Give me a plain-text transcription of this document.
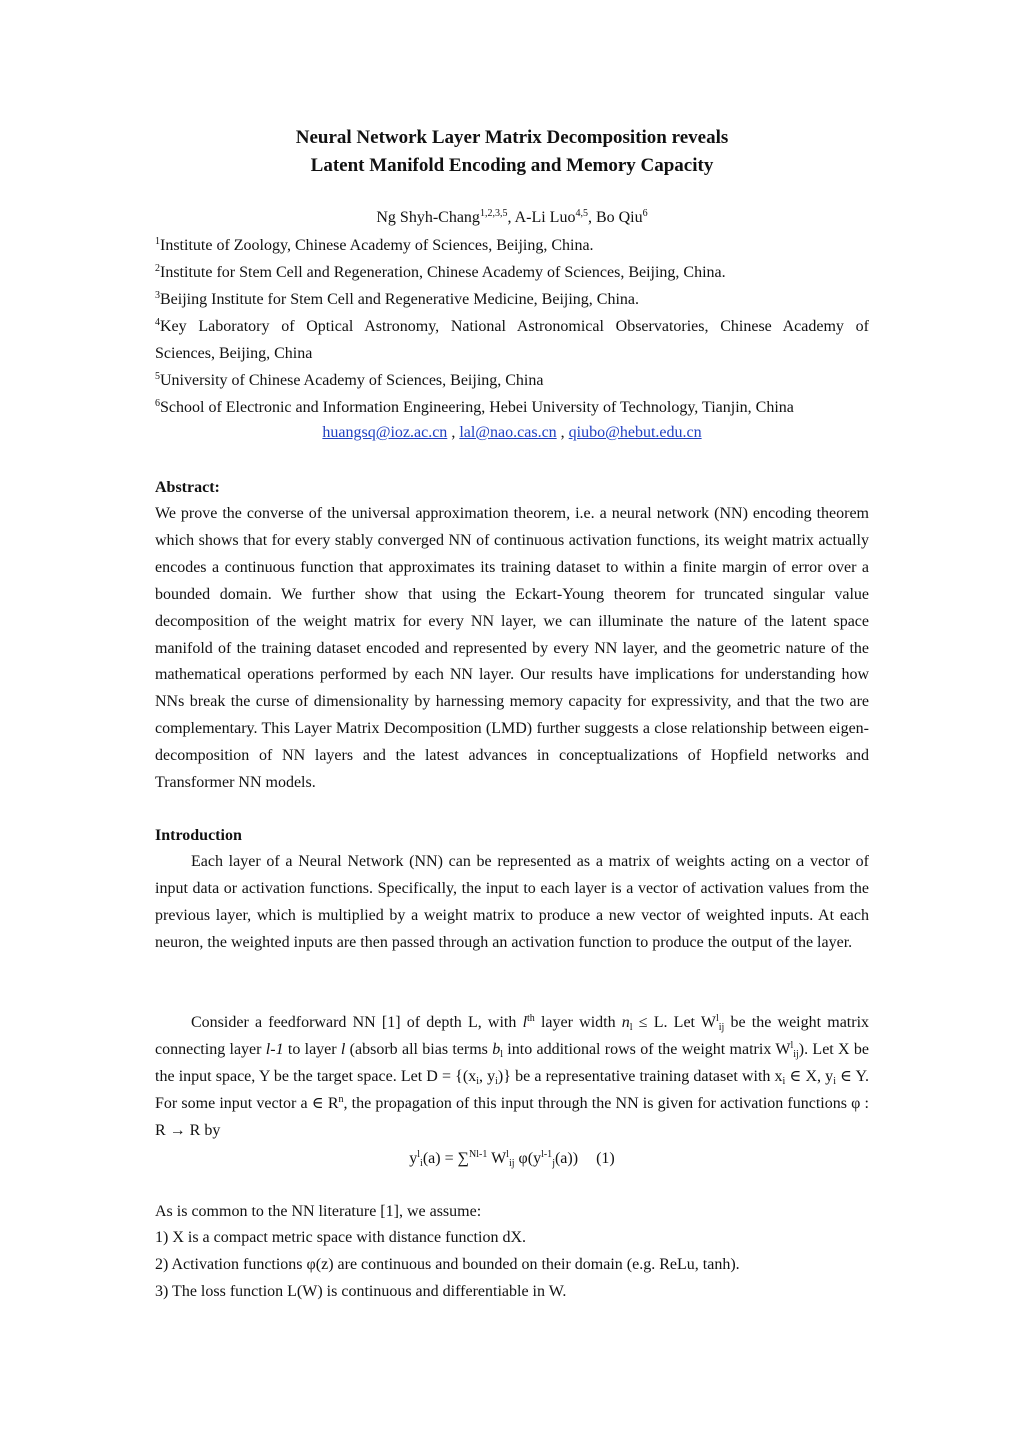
Neural Network Layer Matrix Decomposition reveals
Latent Manifold Encoding and Memory Capacity
Ng Shyh-Chang$^{1,2,3,5}$, A-Li Luo$^{4,5}$, Bo Qiu$^6$
$^1$Institute of Zoology, Chinese Academy of Sciences, Beijing, China.
$^2$Institute for Stem Cell and Regeneration, Chinese Academy of Sciences, Beijing, China.
$^3$Beijing Institute for Stem Cell and Regenerative Medicine, Beijing, China.
$^4$Key Laboratory of Optical Astronomy, National Astronomical Observatories, Chinese Academy of
Sciences, Beijing, China
$^5$University of Chinese Academy of Sciences, Beijing, China
$^6$School of Electronic and Information Engineering, Hebei University of Technology, Tianjin, China
huangsq@ioz.ac.cn , lal@nao.cas.cn , qiubo@hebut.edu.cn
Abstract:
We prove the converse of the universal approximation theorem, i.e. a neural network (NN) encoding theorem which shows that for every stably converged NN of continuous activation functions, its weight matrix actually encodes a continuous function that approximates its training dataset to within a finite margin of error over a bounded domain. We further show that using the Eckart-Young theorem for truncated singular value decomposition of the weight matrix for every NN layer, we can illuminate the nature of the latent space manifold of the training dataset encoded and represented by every NN layer, and the geometric nature of the mathematical operations performed by each NN layer. Our results have implications for understanding how NNs break the curse of dimensionality by harnessing memory capacity for expressivity, and that the two are complementary. This Layer Matrix Decomposition (LMD) further suggests a close relationship between eigen-decomposition of NN layers and the latest advances in conceptualizations of Hopfield networks and Transformer NN models.
Introduction
Each layer of a Neural Network (NN) can be represented as a matrix of weights acting on a vector of input data or activation functions. Specifically, the input to each layer is a vector of activation values from the previous layer, which is multiplied by a weight matrix to produce a new vector of weighted inputs. At each neuron, the weighted inputs are then passed through an activation function to produce the output of the layer.
Consider a feedforward NN [1] of depth L, with $l^{th}$ layer width $n_l \le L$. Let $W^l_{ij}$ be the weight matrix connecting layer l-1 to layer l (absorb all bias terms $b_l$ into additional rows of the weight matrix $W^l_{ij}$). Let X be the input space, Y be the target space. Let $D = \{(x_i$, $y_i$)} be a representative training dataset with $x_i$ ∈ X, $y_i$ ∈ Y. For some input vector a ∈ $R^n$, the propagation of this input through the NN is given for activation functions φ : R → R by
$y^l_i(a) = \sum^{Nl-1}$ $W^l_{ij}$ $\varphi(y^{l-1}_j(a))$ (1)
As is common to the NN literature [1], we assume:
1) X is a compact metric space with distance function dX.
2) Activation functions φ(z) are continuous and bounded on their domain (e.g. ReLu, tanh).
3) The loss function L(W) is continuous and differentiable in W.
